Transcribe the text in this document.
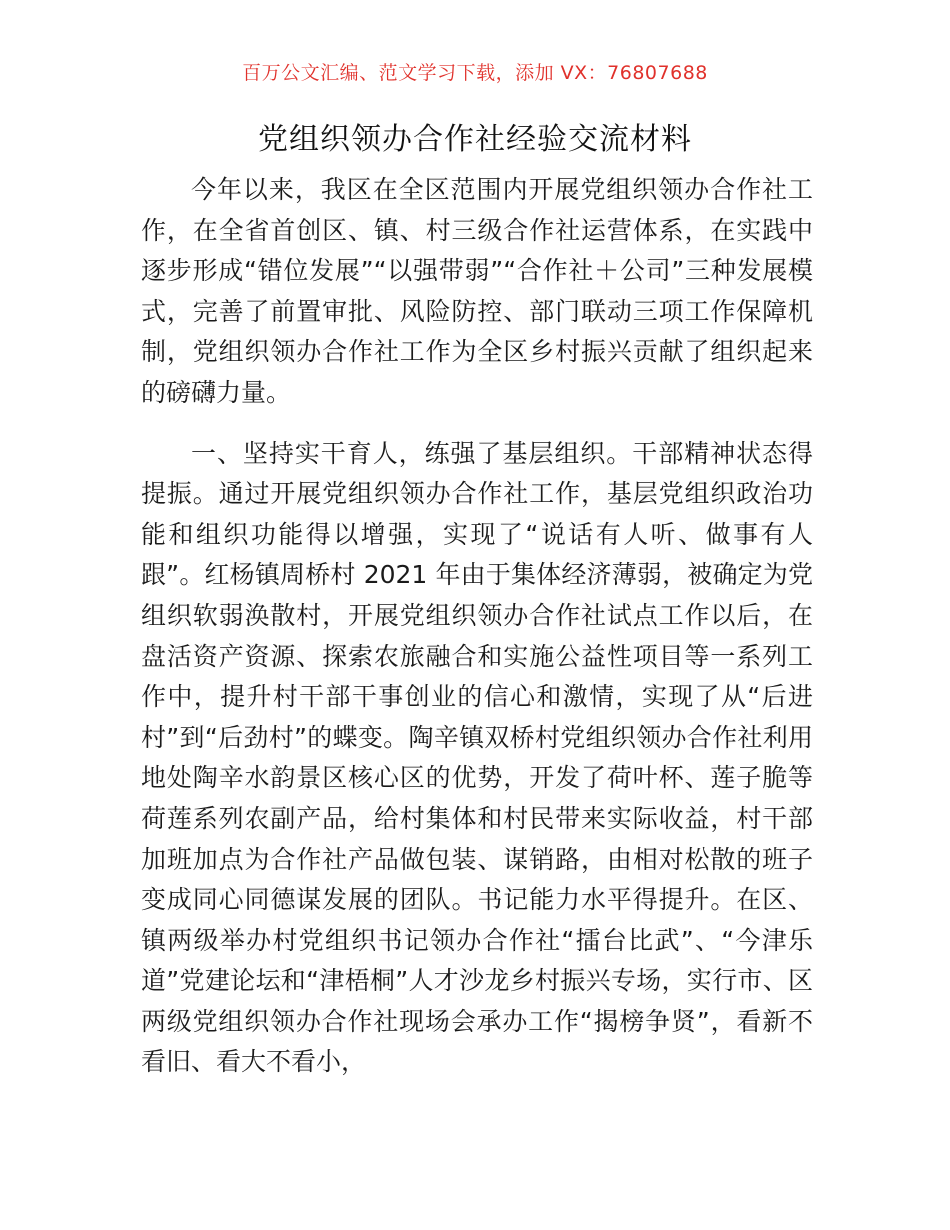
百万公文汇编、范文学习下载，添加 VX：76807688
党组织领办合作社经验交流材料

今年以来，我区在全区范围内开展党组织领办合作社工作，在全省首创区、镇、村三级合作社运营体系，在实践中逐步形成“错位发展”“以强带弱”“合作社＋公司”三种发展模式，完善了前置审批、风险防控、部门联动三项工作保障机制，党组织领办合作社工作为全区乡村振兴贡献了组织起来的磅礴力量。

一、坚持实干育人，练强了基层组织。干部精神状态得提振。通过开展党组织领办合作社工作，基层党组织政治功能和组织功能得以增强，实现了“说话有人听、做事有人跟”。红杨镇周桥村 2021 年由于集体经济薄弱，被确定为党组织软弱涣散村，开展党组织领办合作社试点工作以后，在盘活资产资源、探索农旅融合和实施公益性项目等一系列工作中，提升村干部干事创业的信心和激情，实现了从“后进村”到“后劲村”的蝶变。陶辛镇双桥村党组织领办合作社利用地处陶辛水韵景区核心区的优势，开发了荷叶杯、莲子脆等荷莲系列农副产品，给村集体和村民带来实际收益，村干部加班加点为合作社产品做包装、谋销路，由相对松散的班子变成同心同德谋发展的团队。书记能力水平得提升。在区、镇两级举办村党组织书记领办合作社“擂台比武”、“今津乐道”党建论坛和“津梧桐”人才沙龙乡村振兴专场，实行市、区两级党组织领办合作社现场会承办工作“揭榜争贤”，看新不看旧、看大不看小，
